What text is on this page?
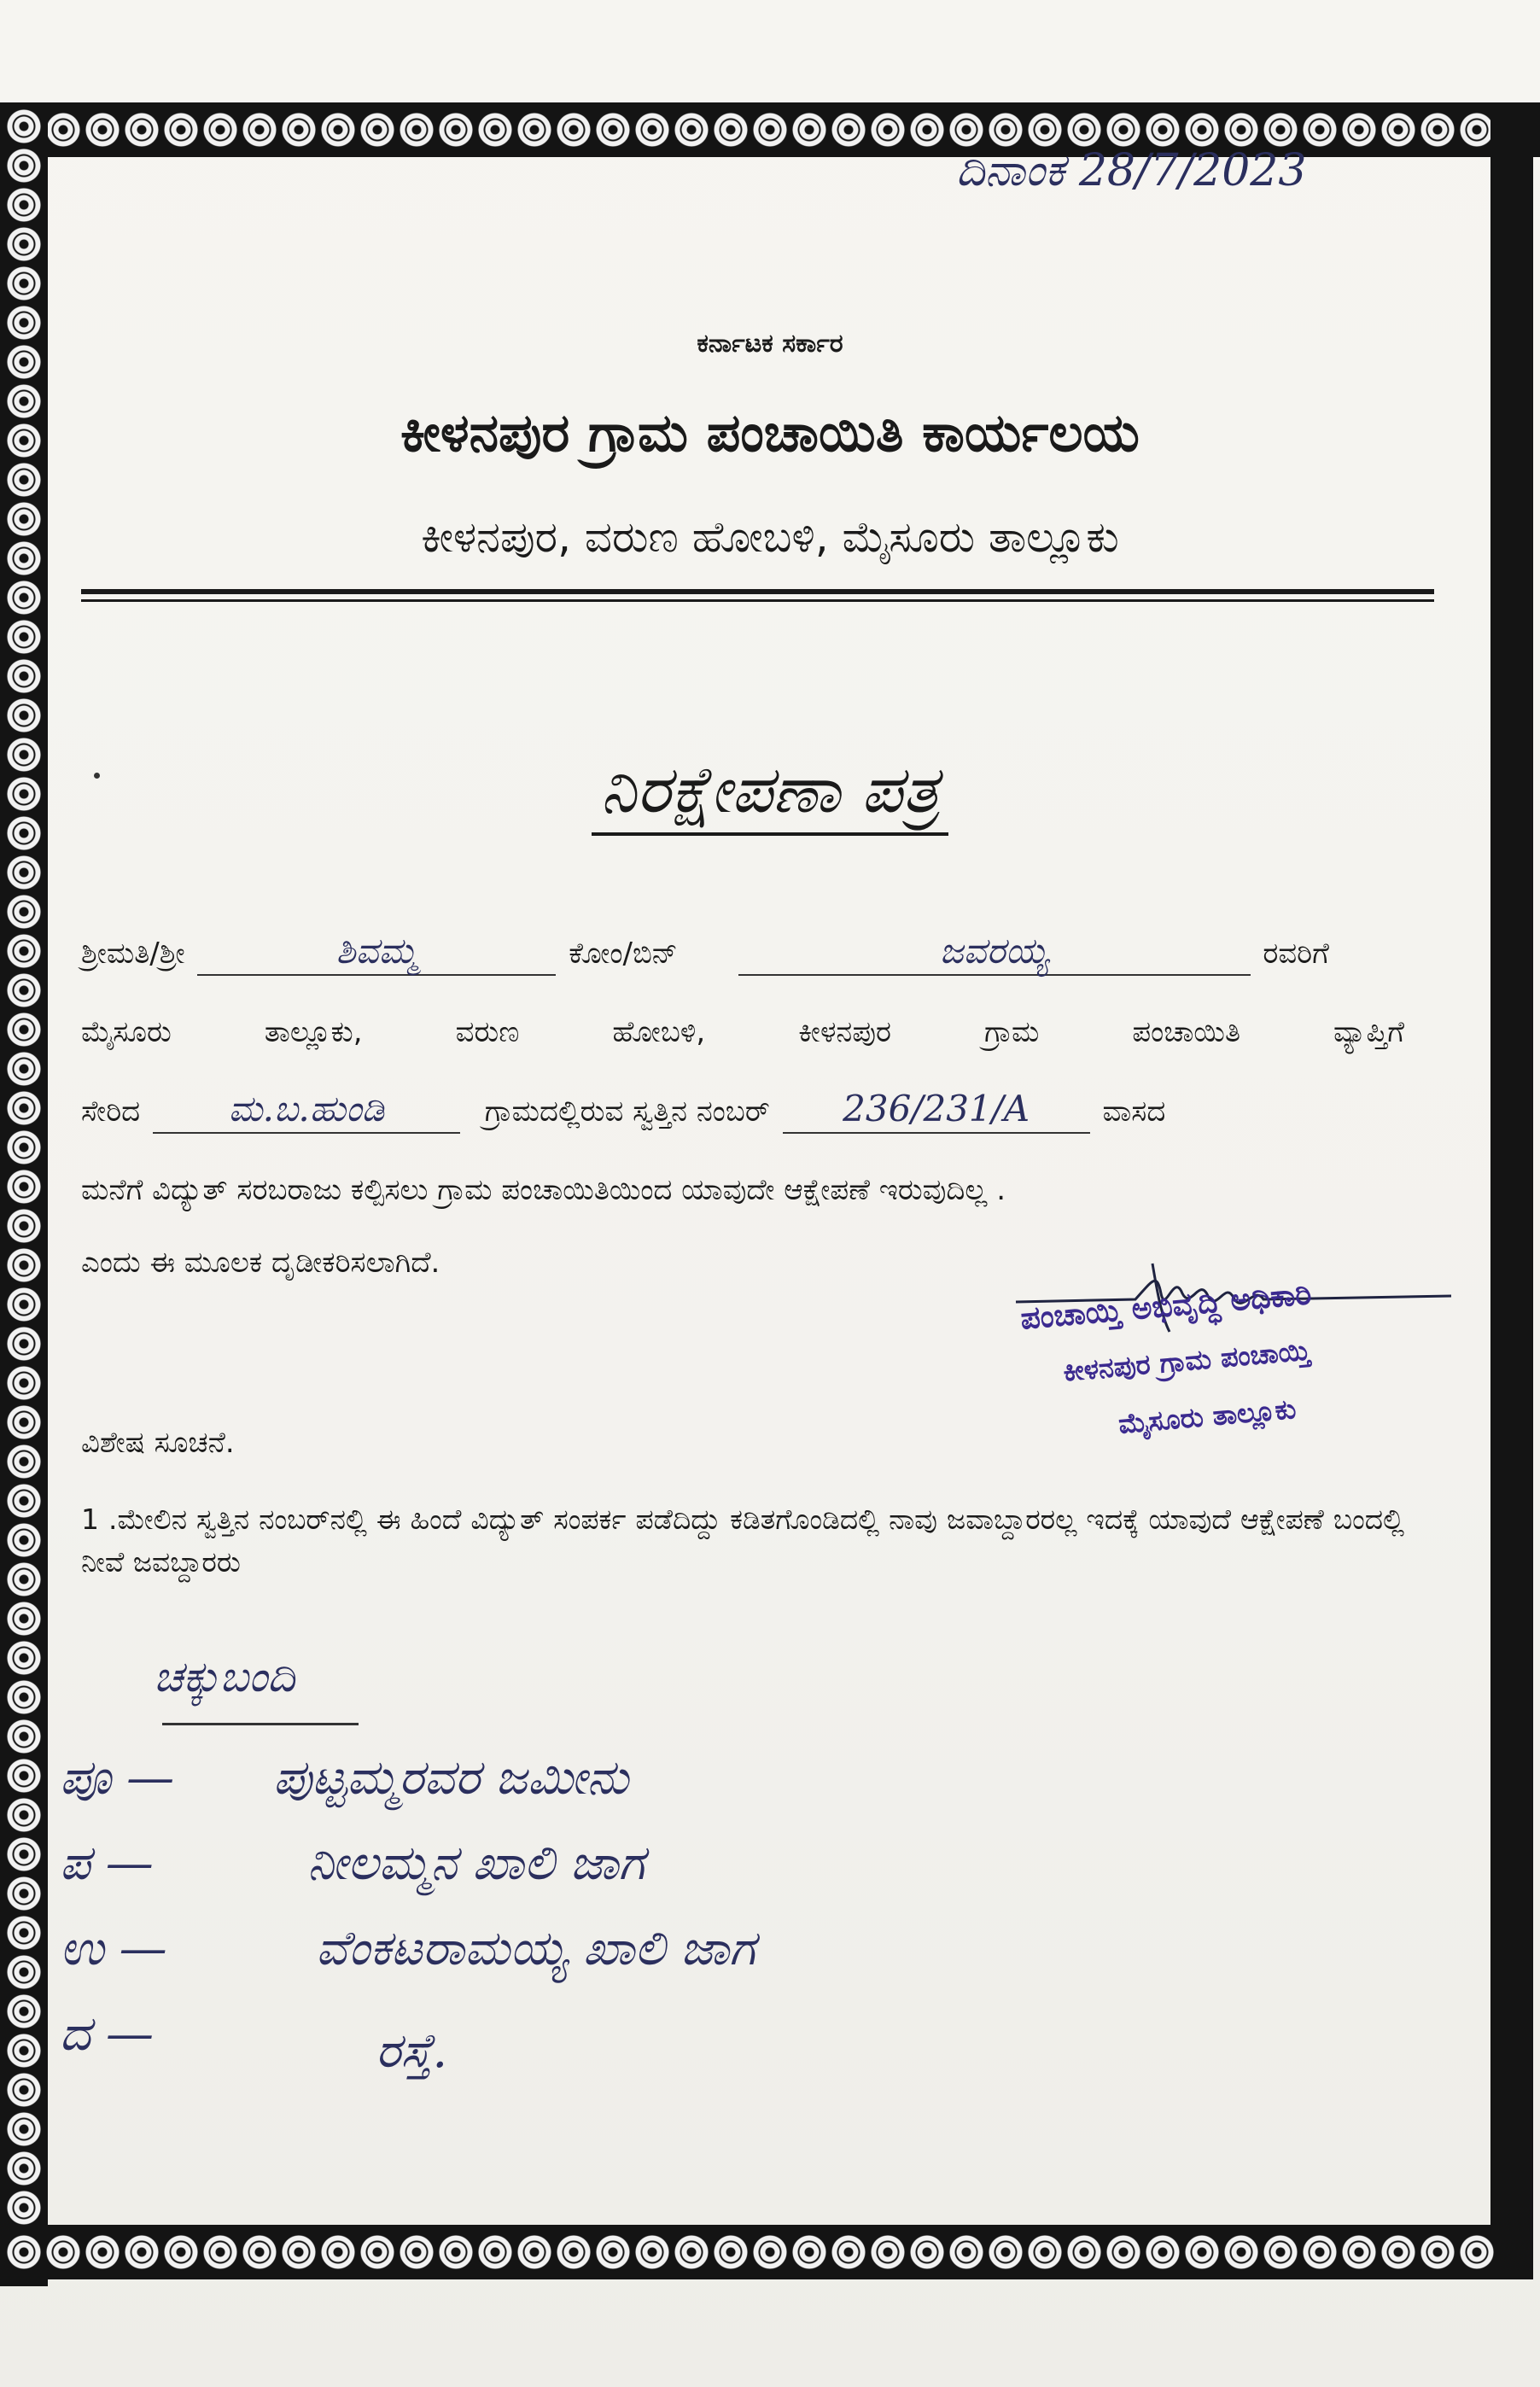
ದಿನಾಂಕ 28/7/2023
ಕರ್ನಾಟಕ ಸರ್ಕಾರ
ಕೀಳನಪುರ ಗ್ರಾಮ ಪಂಚಾಯಿತಿ ಕಾರ್ಯಲಯ
ಕೀಳನಪುರ, ವರುಣ ಹೋಬಳಿ, ಮೈಸೂರು ತಾಲ್ಲೂಕು
ನಿರಕ್ಷೇಪಣಾ ಪತ್ರ
ಶ್ರೀಮತಿ/ಶ್ರೀ	ಶಿವಮ್ಮ	ಕೋಂ/ಬಿನ್	ಜವರಯ್ಯ	ರವರಿಗೆ
ಮೈಸೂರು ತಾಲ್ಲೂಕು, ವರುಣ ಹೋಬಳಿ, ಕೀಳನಪುರ ಗ್ರಾಮ ಪಂಚಾಯಿತಿ ವ್ಯಾಪ್ತಿಗೆ
ಸೇರಿದ ಮ.ಬ.ಹುಂಡಿ	ಗ್ರಾಮದಲ್ಲಿರುವ ಸ್ವತ್ತಿನ ನಂಬರ್ 236/231/A	ವಾಸದ
ಮನೆಗೆ ವಿದ್ಯುತ್ ಸರಬರಾಜು ಕಲ್ಪಿಸಲು ಗ್ರಾಮ ಪಂಚಾಯಿತಿಯಿಂದ ಯಾವುದೇ ಆಕ್ಷೇಪಣೆ ಇರುವುದಿಲ್ಲ .
ಎಂದು ಈ ಮೂಲಕ ದೃಡೀಕರಿಸಲಾಗಿದೆ.
ಪಂಚಾಯ್ತಿ ಅಭಿವೃದ್ಧಿ ಅಧಿಕಾರಿ
ಕೀಳನಪುರ ಗ್ರಾಮ ಪಂಚಾಯ್ತಿ
ಮೈಸೂರು ತಾಲ್ಲೂಕು
ವಿಶೇಷ ಸೂಚನೆ.
1 .ಮೇಲಿನ ಸ್ವತ್ತಿನ ನಂಬರ್‌ನಲ್ಲಿ ಈ ಹಿಂದೆ ವಿದ್ಯುತ್ ಸಂಪರ್ಕ ಪಡೆದಿದ್ದು ಕಡಿತಗೊಂಡಿದಲ್ಲಿ ನಾವು ಜವಾಬ್ದಾರರಲ್ಲ ಇದಕ್ಕೆ ಯಾವುದೆ ಆಕ್ಷೇಪಣೆ ಬಂದಲ್ಲಿ ನೀವೆ ಜವಬ್ದಾರರು
ಚಕ್ಕುಬಂದಿ
ಪೂ — ಪುಟ್ಟಮ್ಮರವರ ಜಮೀನು
ಪ —	ನೀಲಮ್ಮನ ಖಾಲಿ ಜಾಗ
ಉ —	ವೆಂಕಟರಾಮಯ್ಯ ಖಾಲಿ ಜಾಗ
ದ —	ರಸ್ತೆ.
